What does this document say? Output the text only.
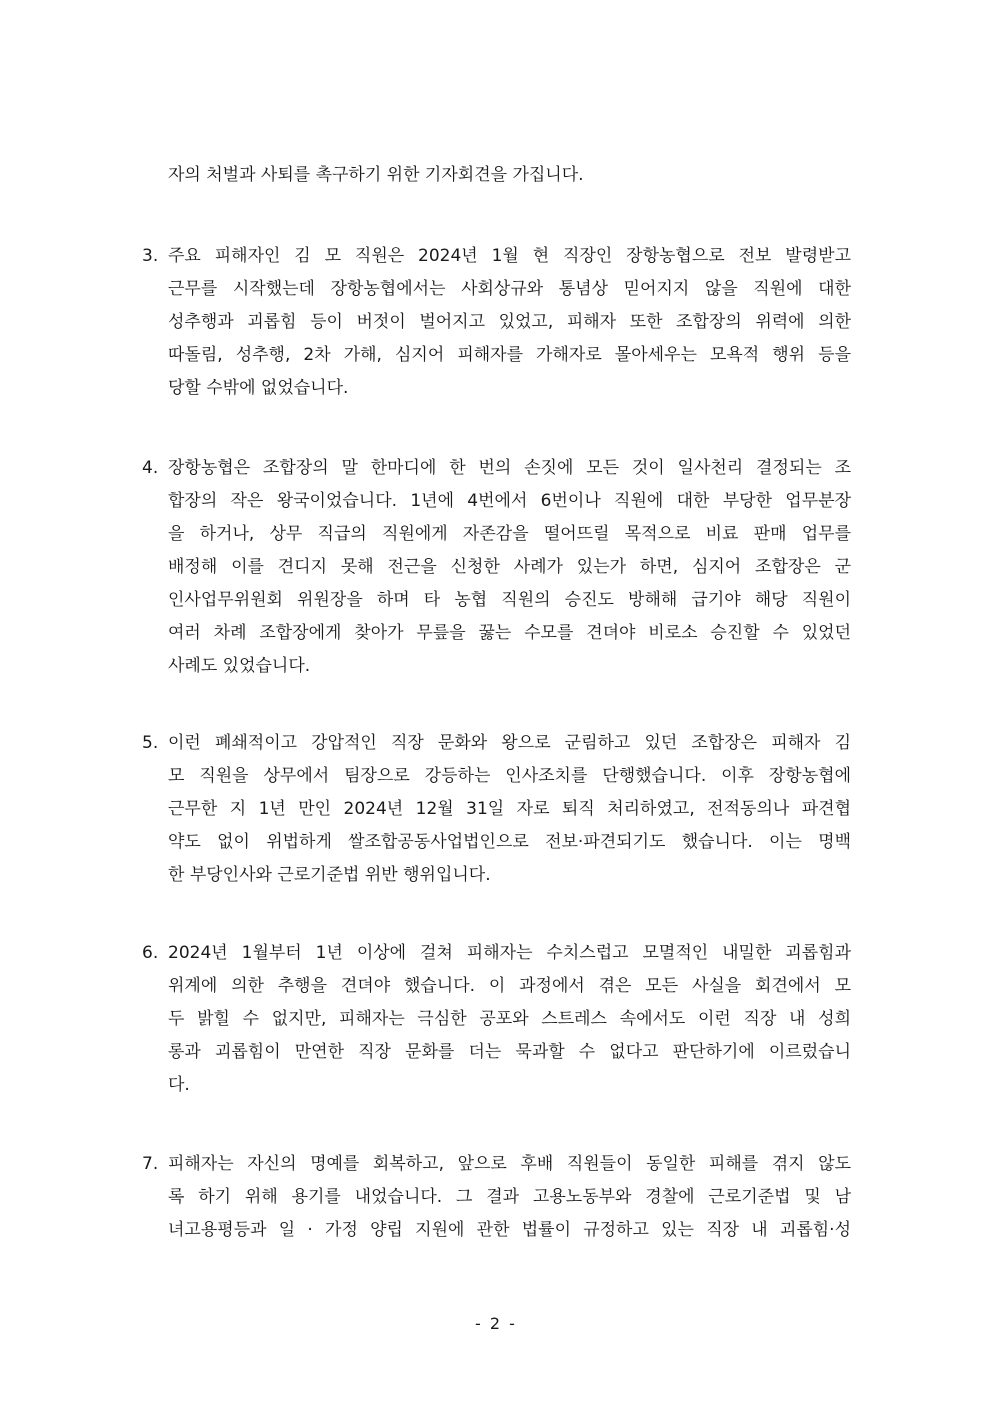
자의 처벌과 사퇴를 촉구하기 위한 기자회견을 가집니다.
3. 주요 피해자인 김 모 직원은 2024년 1월 현 직장인 장항농협으로 전보 발령받고
근무를 시작했는데 장항농협에서는 사회상규와 통념상 믿어지지 않을 직원에 대한
성추행과 괴롭힘 등이 버젓이 벌어지고 있었고, 피해자 또한 조합장의 위력에 의한
따돌림, 성추행, 2차 가해, 심지어 피해자를 가해자로 몰아세우는 모욕적 행위 등을
당할 수밖에 없었습니다.
4. 장항농협은 조합장의 말 한마디에 한 번의 손짓에 모든 것이 일사천리 결정되는 조
합장의 작은 왕국이었습니다. 1년에 4번에서 6번이나 직원에 대한 부당한 업무분장
을 하거나, 상무 직급의 직원에게 자존감을 떨어뜨릴 목적으로 비료 판매 업무를
배정해 이를 견디지 못해 전근을 신청한 사례가 있는가 하면, 심지어 조합장은 군
인사업무위원회 위원장을 하며 타 농협 직원의 승진도 방해해 급기야 해당 직원이
여러 차례 조합장에게 찾아가 무릎을 꿇는 수모를 견뎌야 비로소 승진할 수 있었던
사례도 있었습니다.
5. 이런 폐쇄적이고 강압적인 직장 문화와 왕으로 군림하고 있던 조합장은 피해자 김
모 직원을 상무에서 팀장으로 강등하는 인사조치를 단행했습니다. 이후 장항농협에
근무한 지 1년 만인 2024년 12월 31일 자로 퇴직 처리하였고, 전적동의나 파견협
약도 없이 위법하게 쌀조합공동사업법인으로 전보·파견되기도 했습니다. 이는 명백
한 부당인사와 근로기준법 위반 행위입니다.
6. 2024년 1월부터 1년 이상에 걸쳐 피해자는 수치스럽고 모멸적인 내밀한 괴롭힘과
위계에 의한 추행을 견뎌야 했습니다. 이 과정에서 겪은 모든 사실을 회견에서 모
두 밝힐 수 없지만, 피해자는 극심한 공포와 스트레스 속에서도 이런 직장 내 성희
롱과 괴롭힘이 만연한 직장 문화를 더는 묵과할 수 없다고 판단하기에 이르렀습니
다.
7. 피해자는 자신의 명예를 회복하고, 앞으로 후배 직원들이 동일한 피해를 겪지 않도
록 하기 위해 용기를 내었습니다. 그 결과 고용노동부와 경찰에 근로기준법 및 남
녀고용평등과 일 · 가정 양립 지원에 관한 법률이 규정하고 있는 직장 내 괴롭힘·성
- 2 -
